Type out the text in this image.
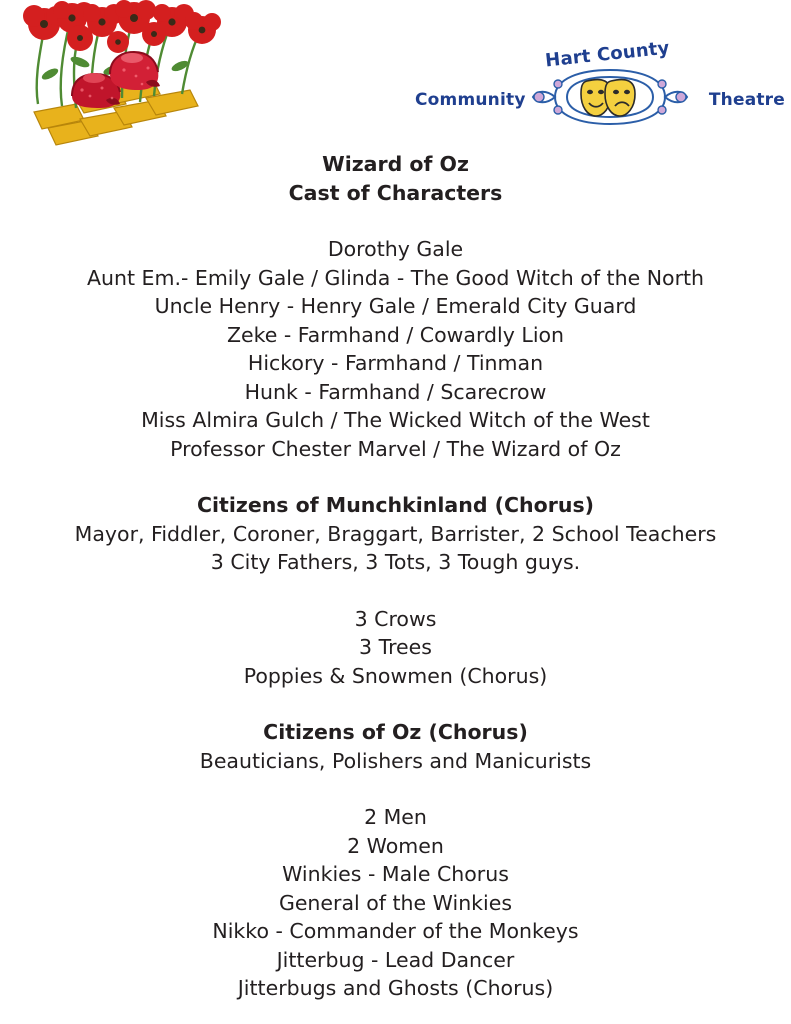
Community
Hart County
Theatre
Wizard of Oz
Cast of Characters
Dorothy Gale
Aunt Em.- Emily Gale / Glinda - The Good Witch of the North
Uncle Henry - Henry Gale / Emerald City Guard
Zeke - Farmhand / Cowardly Lion
Hickory - Farmhand / Tinman
Hunk - Farmhand / Scarecrow
Miss Almira Gulch / The Wicked Witch of the West
Professor Chester Marvel / The Wizard of Oz
Citizens of Munchkinland (Chorus)
Mayor, Fiddler, Coroner, Braggart, Barrister, 2 School Teachers
3 City Fathers, 3 Tots, 3 Tough guys.
3 Crows
3 Trees
Poppies & Snowmen (Chorus)
Citizens of Oz (Chorus)
Beauticians, Polishers and Manicurists
2 Men
2 Women
Winkies - Male Chorus
General of the Winkies
Nikko - Commander of the Monkeys
Jitterbug - Lead Dancer
Jitterbugs and Ghosts (Chorus)
